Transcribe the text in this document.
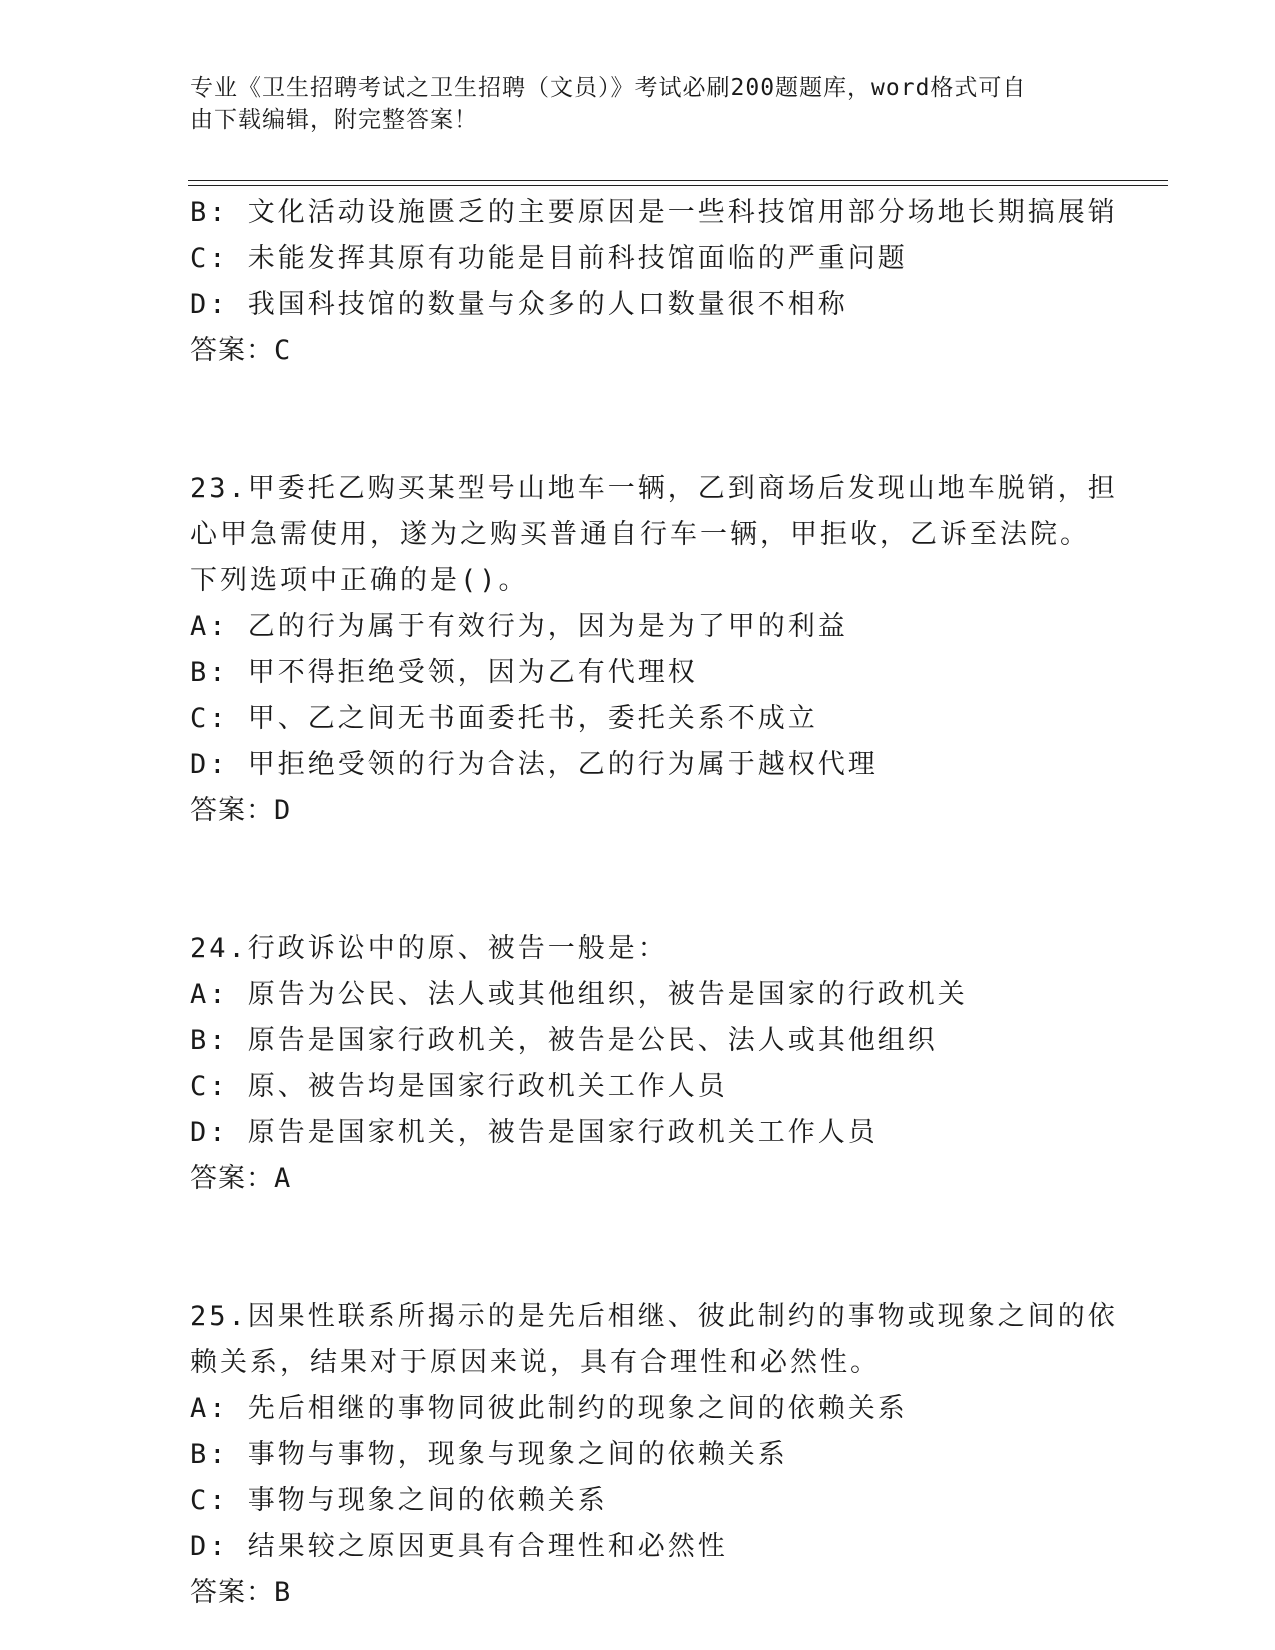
专业《卫生招聘考试之卫生招聘（文员）》考试必刷200题题库，word格式可自
由下载编辑，附完整答案！
B: 文化活动设施匮乏的主要原因是一些科技馆用部分场地长期搞展销
C: 未能发挥其原有功能是目前科技馆面临的严重问题
D: 我国科技馆的数量与众多的人口数量很不相称
答案：C
23.甲委托乙购买某型号山地车一辆，乙到商场后发现山地车脱销，担
心甲急需使用，遂为之购买普通自行车一辆，甲拒收，乙诉至法院。
下列选项中正确的是()。
A: 乙的行为属于有效行为，因为是为了甲的利益
B: 甲不得拒绝受领，因为乙有代理权
C: 甲、乙之间无书面委托书，委托关系不成立
D: 甲拒绝受领的行为合法，乙的行为属于越权代理
答案：D
24.行政诉讼中的原、被告一般是：
A: 原告为公民、法人或其他组织，被告是国家的行政机关
B: 原告是国家行政机关，被告是公民、法人或其他组织
C: 原、被告均是国家行政机关工作人员
D: 原告是国家机关，被告是国家行政机关工作人员
答案：A
25.因果性联系所揭示的是先后相继、彼此制约的事物或现象之间的依
赖关系，结果对于原因来说，具有合理性和必然性。
A: 先后相继的事物同彼此制约的现象之间的依赖关系
B: 事物与事物，现象与现象之间的依赖关系
C: 事物与现象之间的依赖关系
D: 结果较之原因更具有合理性和必然性
答案：B
